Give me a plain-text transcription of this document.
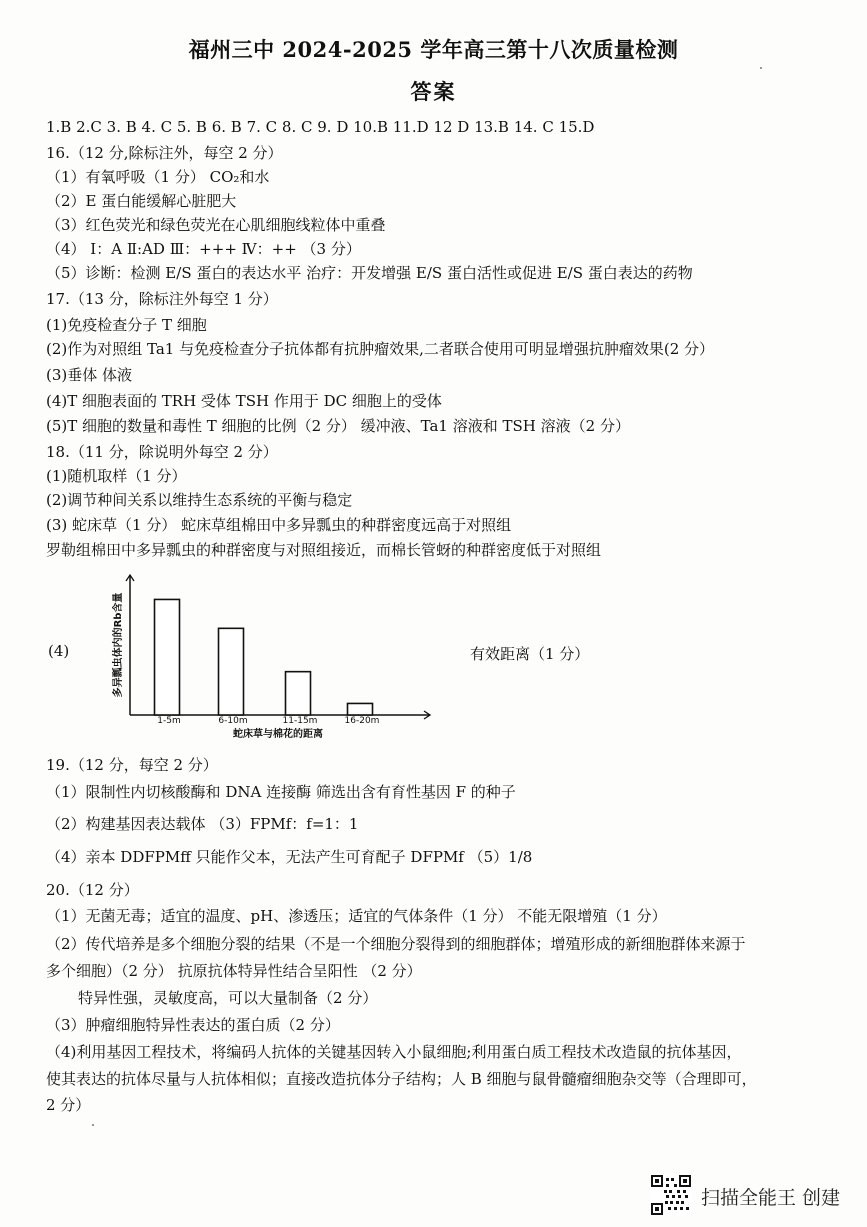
福州三中 2024-2025 学年高三第十八次质量检测
答案
1.B 2.C 3. B 4. C 5. B 6. B 7. C 8. C 9. D 10.B 11.D 12 D 13.B 14. C 15.D
16.（12 分,除标注外，每空 2 分）
（1）有氧呼吸（1 分） CO₂和水
（2）E 蛋白能缓解心脏肥大
（3）红色荧光和绿色荧光在心肌细胞线粒体中重叠
（4） Ⅰ：A Ⅱ:AD Ⅲ：+++ Ⅳ：++ （3 分）
（5）诊断：检测 E/S 蛋白的表达水平 治疗：开发增强 E/S 蛋白活性或促进 E/S 蛋白表达的药物
17.（13 分，除标注外每空 1 分）
(1)免疫检查分子 T 细胞
(2)作为对照组 Ta1 与免疫检查分子抗体都有抗肿瘤效果,二者联合使用可明显增强抗肿瘤效果(2 分）
(3)垂体 体液
(4)T 细胞表面的 TRH 受体 TSH 作用于 DC 细胞上的受体
(5)T 细胞的数量和毒性 T 细胞的比例（2 分） 缓冲液、Ta1 溶液和 TSH 溶液（2 分）
18.（11 分，除说明外每空 2 分）
(1)随机取样（1 分）
(2)调节种间关系以维持生态系统的平衡与稳定
(3) 蛇床草（1 分） 蛇床草组棉田中多异瓢虫的种群密度远高于对照组
罗勒组棉田中多异瓢虫的种群密度与对照组接近，而棉长管蚜的种群密度低于对照组
(4)	有效距离（1 分）
1-5m	6-10m	11-15m	16-20m
蛇床草与棉花的距离
多异瓢虫体内的Rb含量
19.（12 分，每空 2 分）
（1）限制性内切核酸酶和 DNA 连接酶 筛选出含有育性基因 F 的种子
（2）构建基因表达载体 （3）FPMf：f=1：1
（4）亲本 DDFPMff 只能作父本，无法产生可育配子 DFPMf （5）1/8
20.（12 分）
（1）无菌无毒；适宜的温度、pH、渗透压；适宜的气体条件（1 分） 不能无限增殖（1 分）
（2）传代培养是多个细胞分裂的结果（不是一个细胞分裂得到的细胞群体；增殖形成的新细胞群体来源于
多个细胞）（2 分） 抗原抗体特异性结合呈阳性 （2 分）
特异性强，灵敏度高，可以大量制备（2 分）
（3）肿瘤细胞特异性表达的蛋白质（2 分）
（4)利用基因工程技术，将编码人抗体的关键基因转入小鼠细胞;利用蛋白质工程技术改造鼠的抗体基因，
使其表达的抗体尽量与人抗体相似；直接改造抗体分子结构；人 B 细胞与鼠骨髓瘤细胞杂交等（合理即可，
2 分）
扫描全能王 创建
